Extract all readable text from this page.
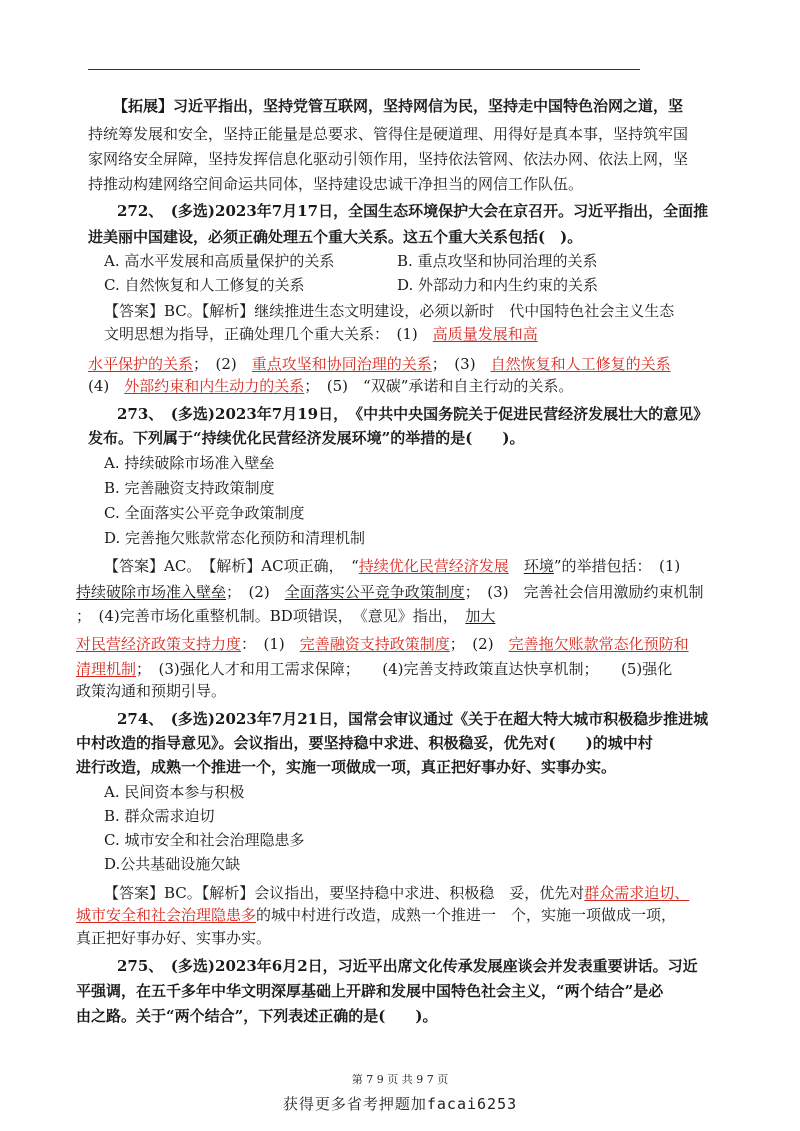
【拓展】习近平指出，坚持党管互联网，坚持网信为民，坚持走中国特色治网之道，坚
持统筹发展和安全，坚持正能量是总要求、管得住是硬道理、用得好是真本事，坚持筑牢国
家网络安全屏障，坚持发挥信息化驱动引领作用，坚持依法管网、依法办网、依法上网，坚
持推动构建网络空间命运共同体，坚持建设忠诚干净担当的网信工作队伍。
272、　(多选)2023年7月17日，全国生态环境保护大会在京召开。习近平指出，全面推
进美丽中国建设，必须正确处理五个重大关系。这五个重大关系包括(　)。
A. 高水平发展和高质量保护的关系	B. 重点攻坚和协同治理的关系
C. 自然恢复和人工修复的关系	D. 外部动力和内生约束的关系
【答案】BC。【解析】继续推进生态文明建设，必须以新时　代中国特色社会主义生态
文明思想为指导，正确处理几个重大关系：　(1)　 高质量发展和高
水平保护的关系；　(2)　 重点攻坚和协同治理的关系；　(3)　 自然恢复和人工修复的关系
(4)　 外部约束和内生动力的关系；　(5)　“双碳”承诺和自主行动的关系。
273、　(多选)2023年7月19日，　《中共中央国务院关于促进民营经济发展壮大的意见》
发布。下列属于“持续优化民营经济发展环境”的举措的是(　　)。
A. 持续破除市场准入壁垒
B. 完善融资支持政策制度
C. 全面落实公平竞争政策制度
D. 完善拖欠账款常态化预防和清理机制
【答案】AC。　【解析】AC项正确，　“持续优化民营经济发展　 环境”的举措包括：　(1)
持续破除市场准入壁垒；　(2)　 全面落实公平竞争政策制度；　(3)　完善社会信用激励约束机制
；　(4)完善市场化重整机制。BD项错误，　《意见》指出，　 加大
对民营经济政策支持力度：　(1)　 完善融资支持政策制度；　(2)　 完善拖欠账款常态化预防和
清理机制；　(3)强化人才和用工需求保障；　　(4)完善支持政策直达快享机制；　　(5)强化
政策沟通和预期引导。
274、　(多选)2023年7月21日，国常会审议通过《关于在超大特大城市积极稳步推进城
中村改造的指导意见》。会议指出，要坚持稳中求进、积极稳妥，优先对(　　)的城中村
进行改造，成熟一个推进一个，实施一项做成一项，真正把好事办好、实事办实。
A. 民间资本参与积极
B. 群众需求迫切
C. 城市安全和社会治理隐患多
D.公共基础设施欠缺
【答案】BC。【解析】会议指出，要坚持稳中求进、积极稳　妥，优先对群众需求迫切、
城市安全和社会治理隐患多的城中村进行改造，成熟一个推进一　个，实施一项做成一项，
真正把好事办好、实事办实。
275、　(多选)2023年6月2日，习近平出席文化传承发展座谈会并发表重要讲话。习近
平强调，在五千多年中华文明深厚基础上开辟和发展中国特色社会主义，“两个结合”是必
由之路。关于“两个结合”，下列表述正确的是(　　)。
第 7 9 页 共 9 7 页
获得更多省考押题加facai6253
